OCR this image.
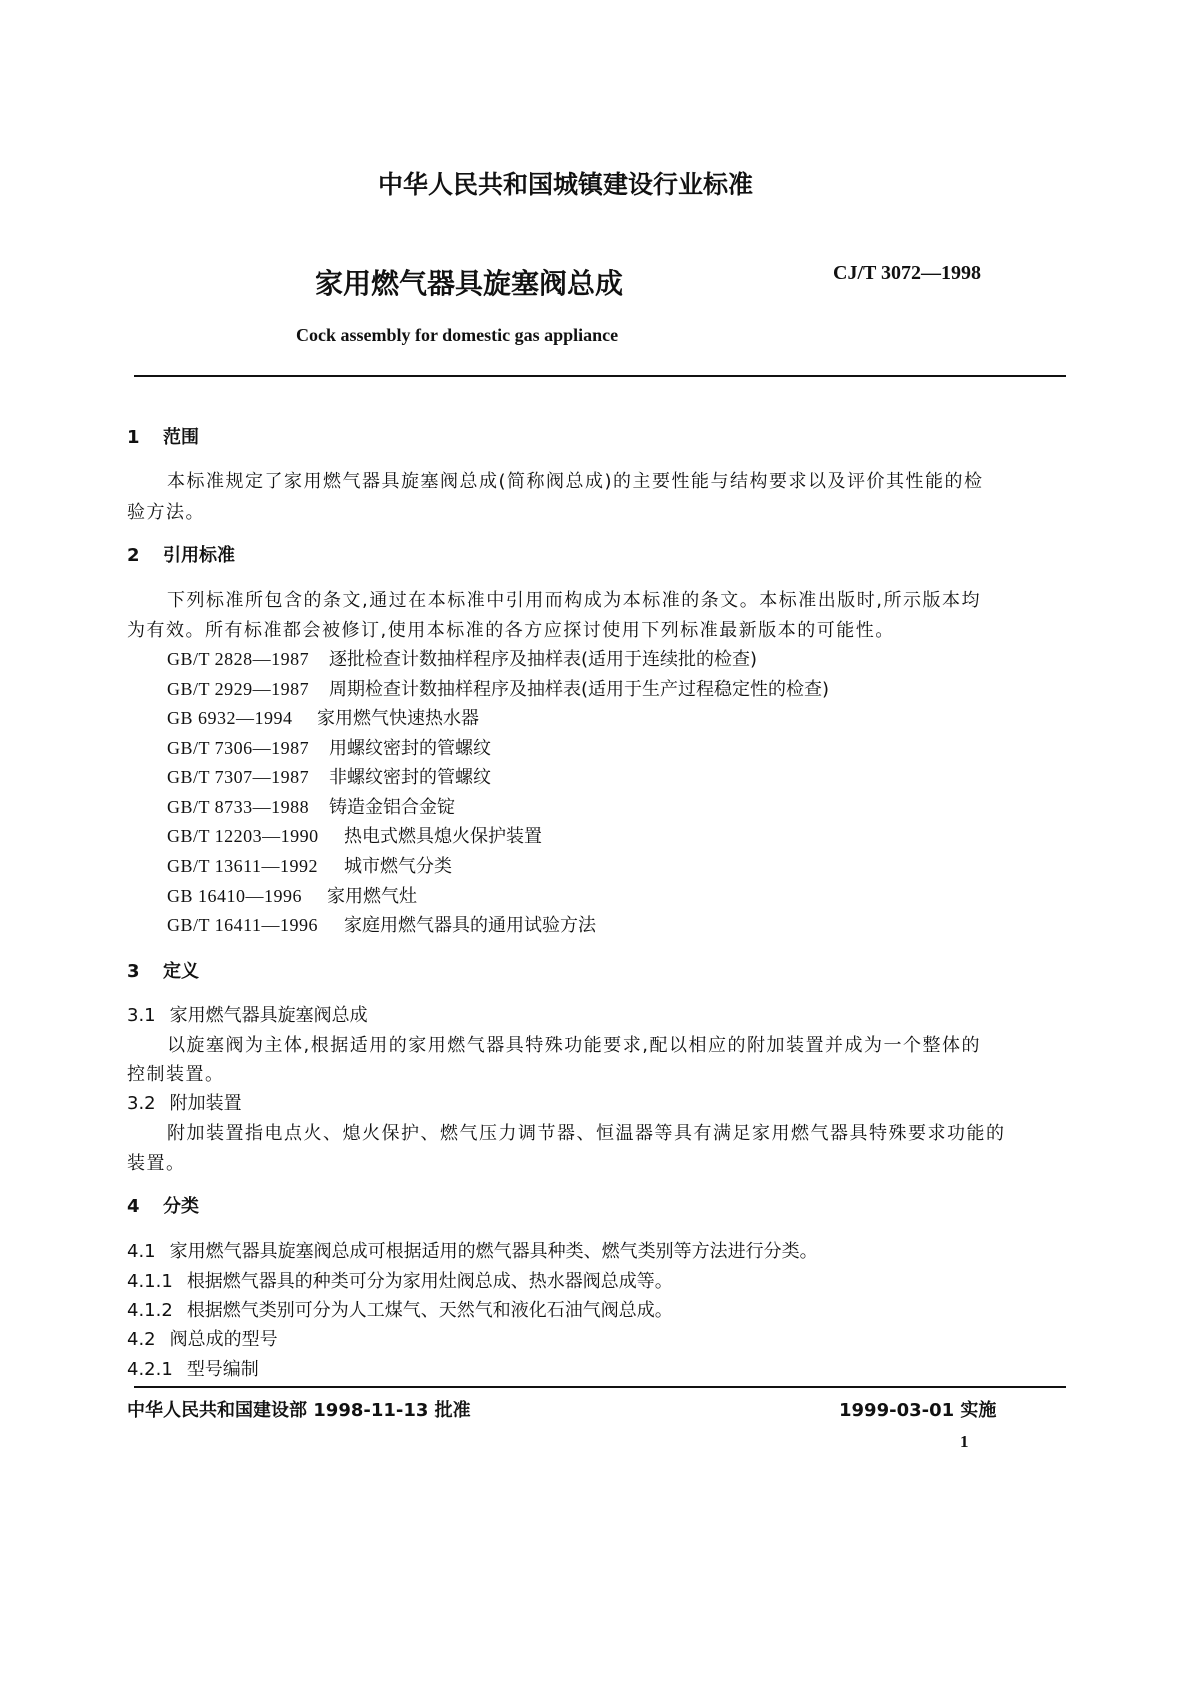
中华人民共和国城镇建设行业标准
家用燃气器具旋塞阀总成	CJ/T 3072—1998
Cock assembly for domestic gas appliance
1 范围
本标准规定了家用燃气器具旋塞阀总成(简称阀总成)的主要性能与结构要求以及评价其性能的检
验方法。
2 引用标准
下列标准所包含的条文,通过在本标准中引用而构成为本标准的条文。本标准出版时,所示版本均
为有效。所有标准都会被修订,使用本标准的各方应探讨使用下列标准最新版本的可能性。
GB/T 2828—1987 逐批检查计数抽样程序及抽样表(适用于连续批的检查)
GB/T 2929—1987 周期检查计数抽样程序及抽样表(适用于生产过程稳定性的检查)
GB 6932—1994 家用燃气快速热水器
GB/T 7306—1987 用螺纹密封的管螺纹
GB/T 7307—1987 非螺纹密封的管螺纹
GB/T 8733—1988 铸造金铝合金锭
GB/T 12203—1990 热电式燃具熄火保护装置
GB/T 13611—1992 城市燃气分类
GB 16410—1996 家用燃气灶
GB/T 16411—1996 家庭用燃气器具的通用试验方法
3 定义
3.1 家用燃气器具旋塞阀总成
以旋塞阀为主体,根据适用的家用燃气器具特殊功能要求,配以相应的附加装置并成为一个整体的
控制装置。
3.2 附加装置
附加装置指电点火、熄火保护、燃气压力调节器、恒温器等具有满足家用燃气器具特殊要求功能的
装置。
4 分类
4.1 家用燃气器具旋塞阀总成可根据适用的燃气器具种类、燃气类别等方法进行分类。
4.1.1 根据燃气器具的种类可分为家用灶阀总成、热水器阀总成等。
4.1.2 根据燃气类别可分为人工煤气、天然气和液化石油气阀总成。
4.2 阀总成的型号
4.2.1 型号编制
中华人民共和国建设部 1998-11-13 批准	1999-03-01 实施
1
